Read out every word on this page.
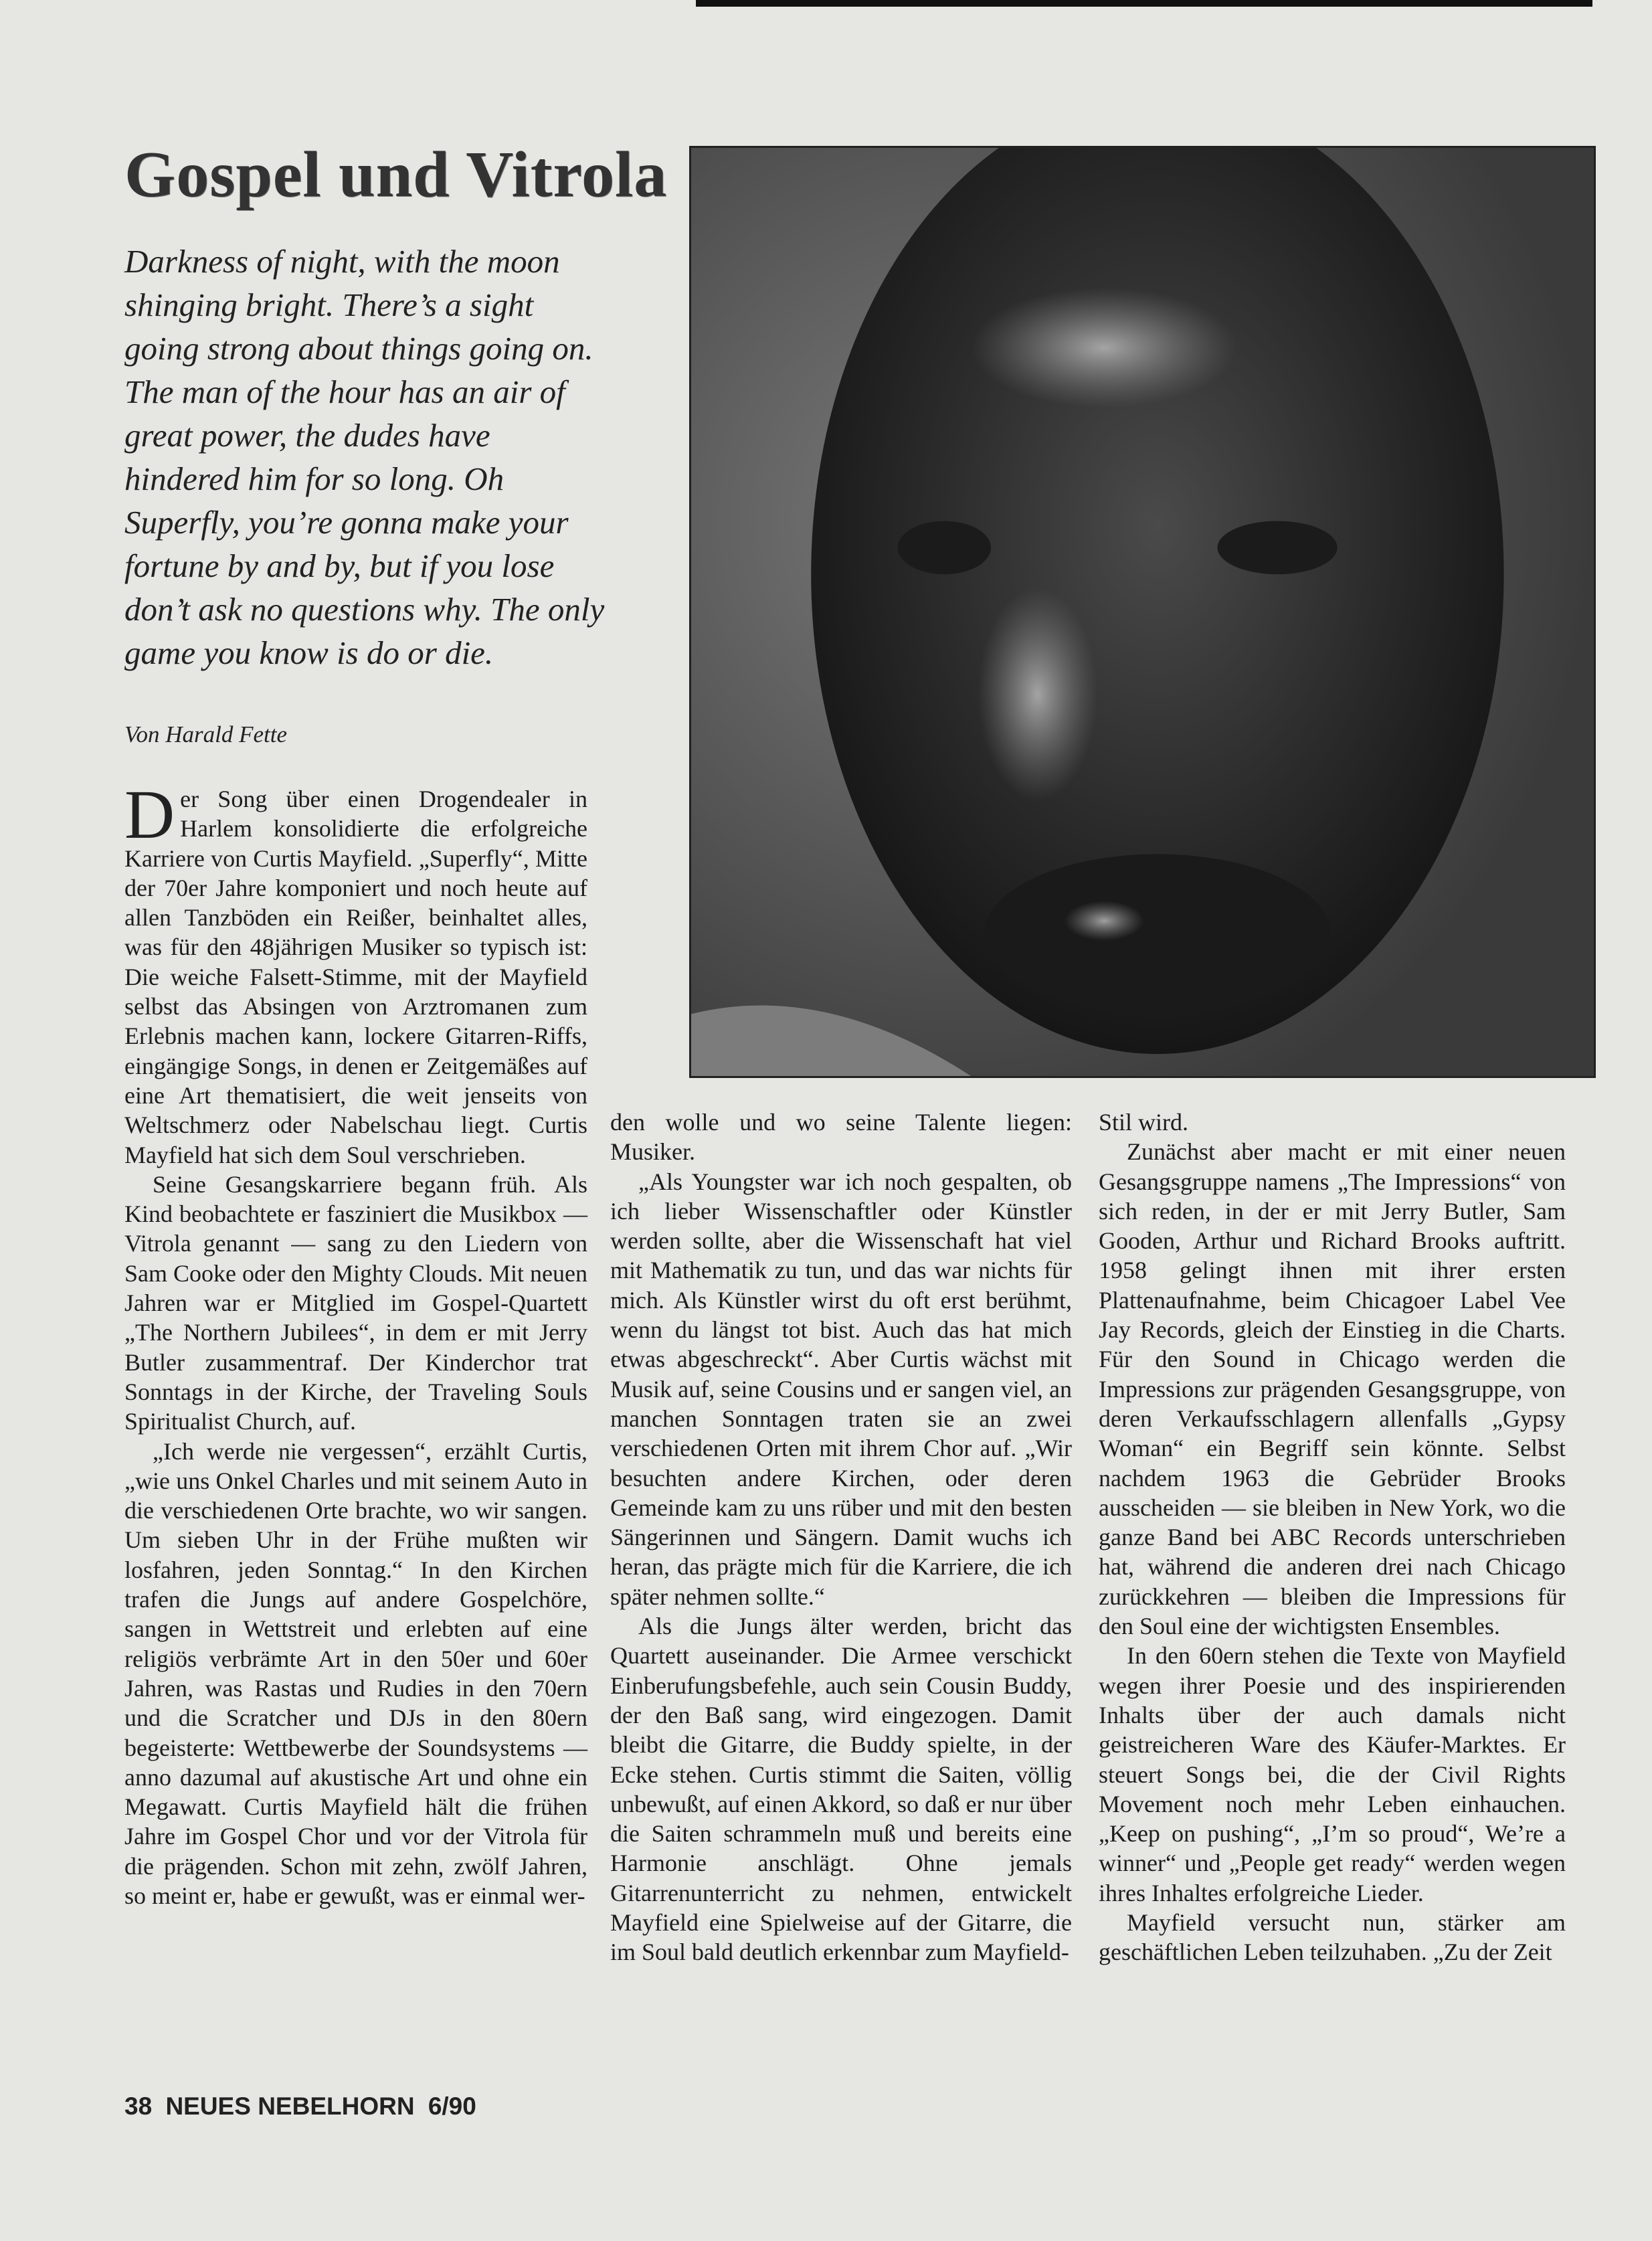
Gospel und Vitrola

Darkness of night, with the moon shinging bright. There’s a sight going strong about things going on. The man of the hour has an air of great power, the dudes have hindered him for so long. Oh Superfly, you’re gonna make your fortune by and by, but if you lose don’t ask no questions why. The only game you know is do or die.

Von Harald Fette

Der Song über einen Drogendealer in Harlem konsolidierte die erfolgreiche Karriere von Curtis Mayfield. „Superfly“, Mitte der 70er Jahre komponiert und noch heute auf allen Tanzböden ein Reißer, beinhaltet alles, was für den 48jährigen Musiker so typisch ist: Die weiche Falsett-Stimme, mit der Mayfield selbst das Absingen von Arztromanen zum Erlebnis machen kann, lockere Gitarren-Riffs, eingängige Songs, in denen er Zeitgemäßes auf eine Art thematisiert, die weit jenseits von Weltschmerz oder Nabelschau liegt. Curtis Mayfield hat sich dem Soul verschrieben.

Seine Gesangskarriere begann früh. Als Kind beobachtete er fasziniert die Musikbox — Vitrola genannt — sang zu den Liedern von Sam Cooke oder den Mighty Clouds. Mit neuen Jahren war er Mitglied im Gospel-Quartett „The Northern Jubilees“, in dem er mit Jerry Butler zusammentraf. Der Kinderchor trat Sonntags in der Kirche, der Traveling Souls Spiritualist Church, auf.

„Ich werde nie vergessen“, erzählt Curtis, „wie uns Onkel Charles und mit seinem Auto in die verschiedenen Orte brachte, wo wir sangen. Um sieben Uhr in der Frühe mußten wir losfahren, jeden Sonntag.“ In den Kirchen trafen die Jungs auf andere Gospelchöre, sangen in Wettstreit und erlebten auf eine religiös verbrämte Art in den 50er und 60er Jahren, was Rastas und Rudies in den 70ern und die Scratcher und DJs in den 80ern begeisterte: Wettbewerbe der Soundsystems — anno dazumal auf akustische Art und ohne ein Megawatt. Curtis Mayfield hält die frühen Jahre im Gospel Chor und vor der Vitrola für die prägenden. Schon mit zehn, zwölf Jahren, so meint er, habe er gewußt, was er einmal wer-

den wolle und wo seine Talente liegen: Musiker.

„Als Youngster war ich noch gespalten, ob ich lieber Wissenschaftler oder Künstler werden sollte, aber die Wissenschaft hat viel mit Mathematik zu tun, und das war nichts für mich. Als Künstler wirst du oft erst berühmt, wenn du längst tot bist. Auch das hat mich etwas abgeschreckt“. Aber Curtis wächst mit Musik auf, seine Cousins und er sangen viel, an manchen Sonntagen traten sie an zwei verschiedenen Orten mit ihrem Chor auf. „Wir besuchten andere Kirchen, oder deren Gemeinde kam zu uns rüber und mit den besten Sängerinnen und Sängern. Damit wuchs ich heran, das prägte mich für die Karriere, die ich später nehmen sollte.“

Als die Jungs älter werden, bricht das Quartett auseinander. Die Armee verschickt Einberufungsbefehle, auch sein Cousin Buddy, der den Baß sang, wird eingezogen. Damit bleibt die Gitarre, die Buddy spielte, in der Ecke stehen. Curtis stimmt die Saiten, völlig unbewußt, auf einen Akkord, so daß er nur über die Saiten schrammeln muß und bereits eine Harmonie anschlägt. Ohne jemals Gitarrenunterricht zu nehmen, entwickelt Mayfield eine Spielweise auf der Gitarre, die im Soul bald deutlich erkennbar zum Mayfield-

Stil wird.

Zunächst aber macht er mit einer neuen Gesangsgruppe namens „The Impressions“ von sich reden, in der er mit Jerry Butler, Sam Gooden, Arthur und Richard Brooks auftritt. 1958 gelingt ihnen mit ihrer ersten Plattenaufnahme, beim Chicagoer Label Vee Jay Records, gleich der Einstieg in die Charts. Für den Sound in Chicago werden die Impressions zur prägenden Gesangsgruppe, von deren Verkaufsschlagern allenfalls „Gypsy Woman“ ein Begriff sein könnte. Selbst nachdem 1963 die Gebrüder Brooks ausscheiden — sie bleiben in New York, wo die ganze Band bei ABC Records unterschrieben hat, während die anderen drei nach Chicago zurückkehren — bleiben die Impressions für den Soul eine der wichtigsten Ensembles.

In den 60ern stehen die Texte von Mayfield wegen ihrer Poesie und des inspirierenden Inhalts über der auch damals nicht geistreicheren Ware des Käufer-Marktes. Er steuert Songs bei, die der Civil Rights Movement noch mehr Leben einhauchen. „Keep on pushing“, „I’m so proud“, We’re a winner“ und „People get ready“ werden wegen ihres Inhaltes erfolgreiche Lieder.

Mayfield versucht nun, stärker am geschäftlichen Leben teilzuhaben. „Zu der Zeit

38 NEUES NEBELHORN 6/90
